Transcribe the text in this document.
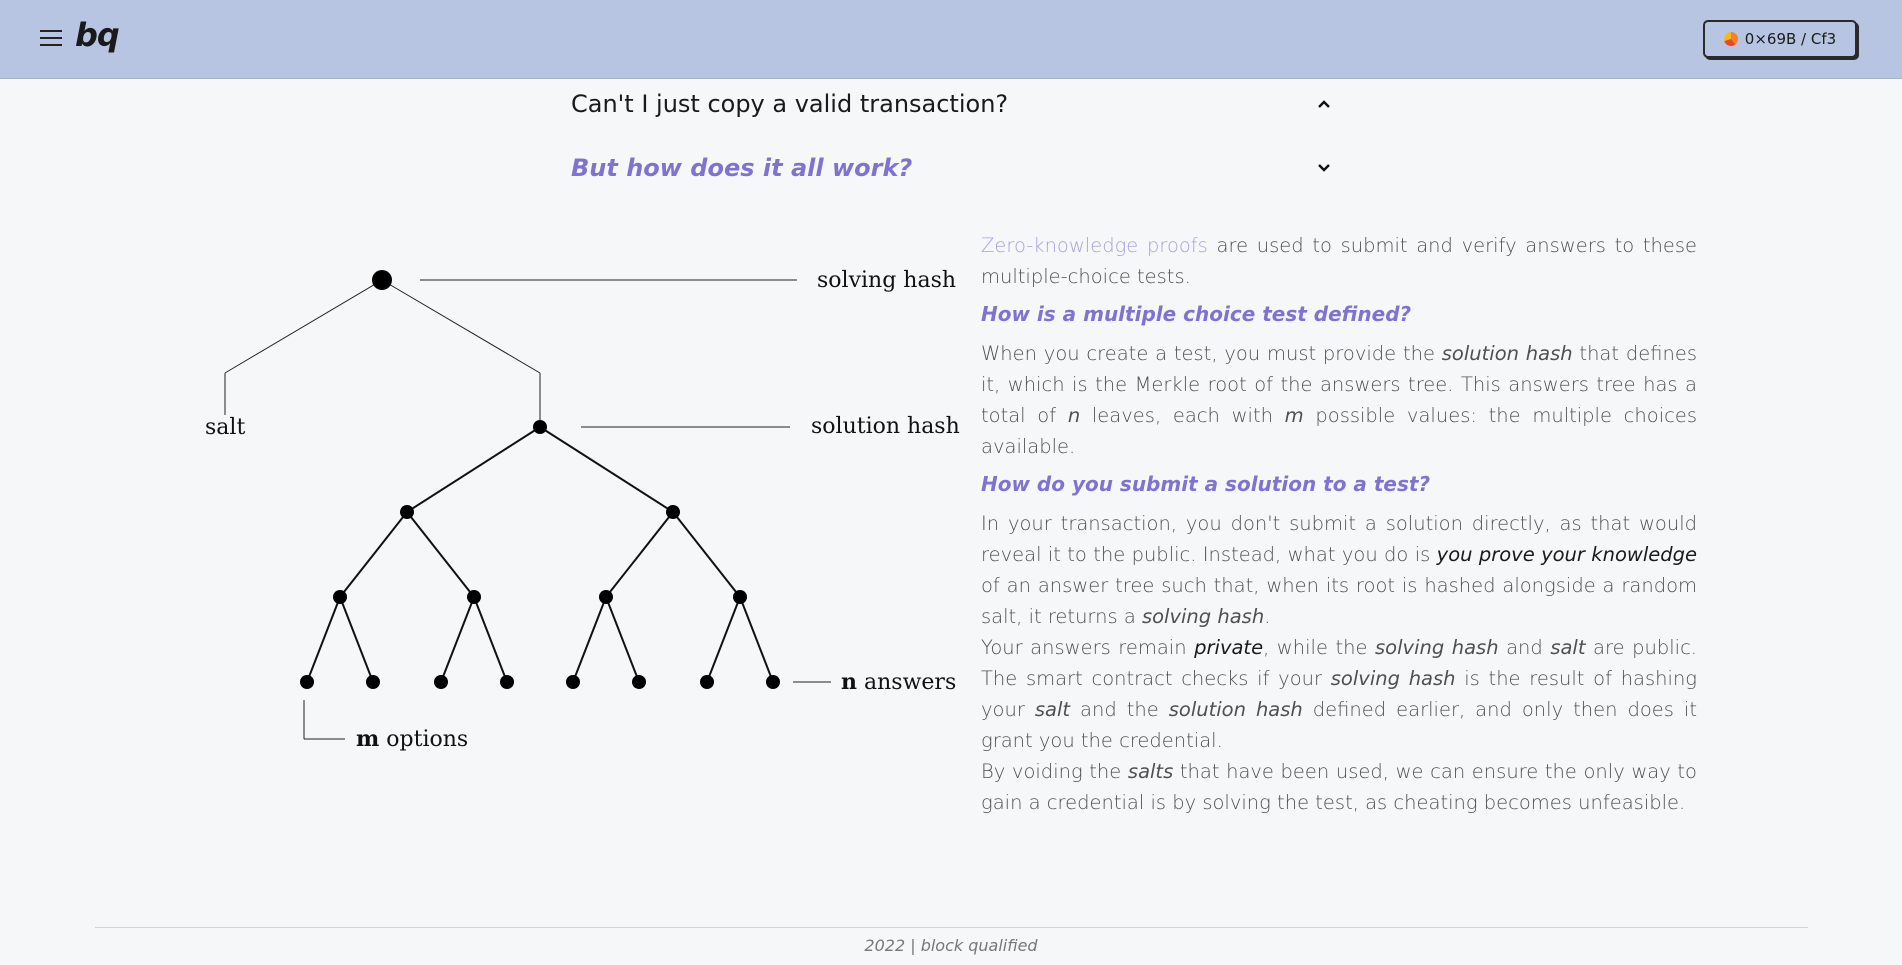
bq	0×69B / Cf3
Can't I just copy a valid transaction?
But how does it all work?
solving hash
salt	solution hash
n answers
m options

Zero-knowledge proofs are used to submit and verify answers to these multiple-choice tests.

How is a multiple choice test defined?

When you create a test, you must provide the solution hash that defines it, which is the Merkle root of the answers tree. This answers tree has a total of n leaves, each with m possible values: the multiple choices available.

How do you submit a solution to a test?

In your transaction, you don't submit a solution directly, as that would reveal it to the public. Instead, what you do is you prove your knowledge of an answer tree such that, when its root is hashed alongside a random salt, it returns a solving hash.

Your answers remain private, while the solving hash and salt are public. The smart contract checks if your solving hash is the result of hashing your salt and the solution hash defined earlier, and only then does it grant you the credential.

By voiding the salts that have been used, we can ensure the only way to gain a credential is by solving the test, as cheating becomes unfeasible.

2022 | block qualified
